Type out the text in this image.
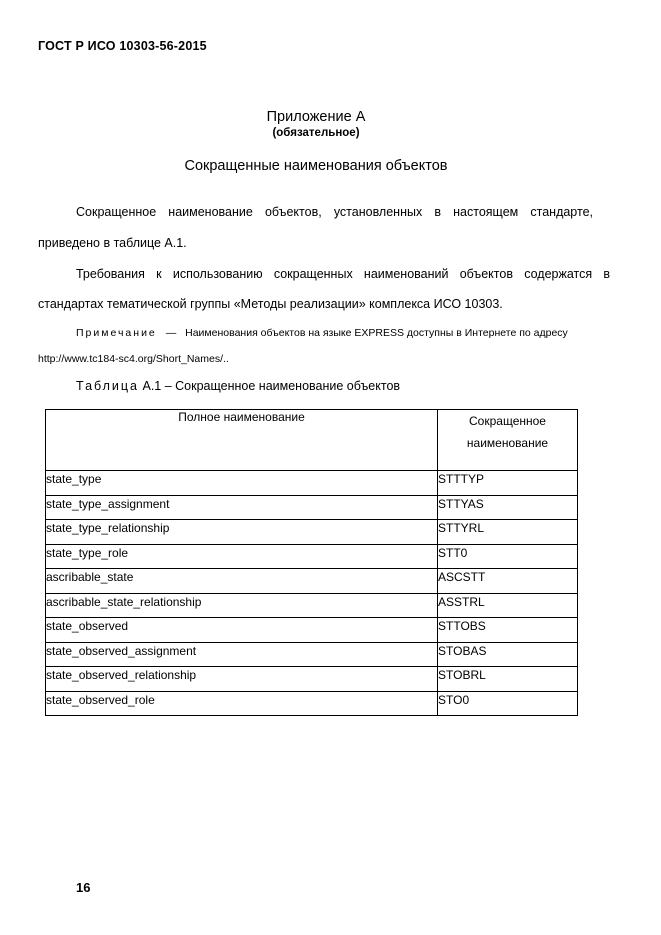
ГОСТ Р ИСО 10303-56-2015
Приложение А
(обязательное)
Сокращенные наименования объектов
Сокращенное наименование объектов, установленных в настоящем стандарте,
приведено в таблице А.1.
Требования к использованию сокращенных наименований объектов содержатся в
стандартах тематической группы «Методы реализации» комплекса ИСО 10303.
Примечание — Наименования объектов на языке EXPRESS доступны в Интернете по адресу
http://www.tc184-sc4.org/Short_Names/..
Таблица А.1 – Сокращенное наименование объектов
Полное наименование	Сокращенное
наименование

state_type	STTTYP
state_type_assignment	STTYAS
state_type_relationship	STTYRL
state_type_role	STT0
ascribable_state	ASCSTT
ascribable_state_relationship	ASSTRL
state_observed	STTOBS
state_observed_assignment	STOBAS
state_observed_relationship	STOBRL
state_observed_role	STO0
16
